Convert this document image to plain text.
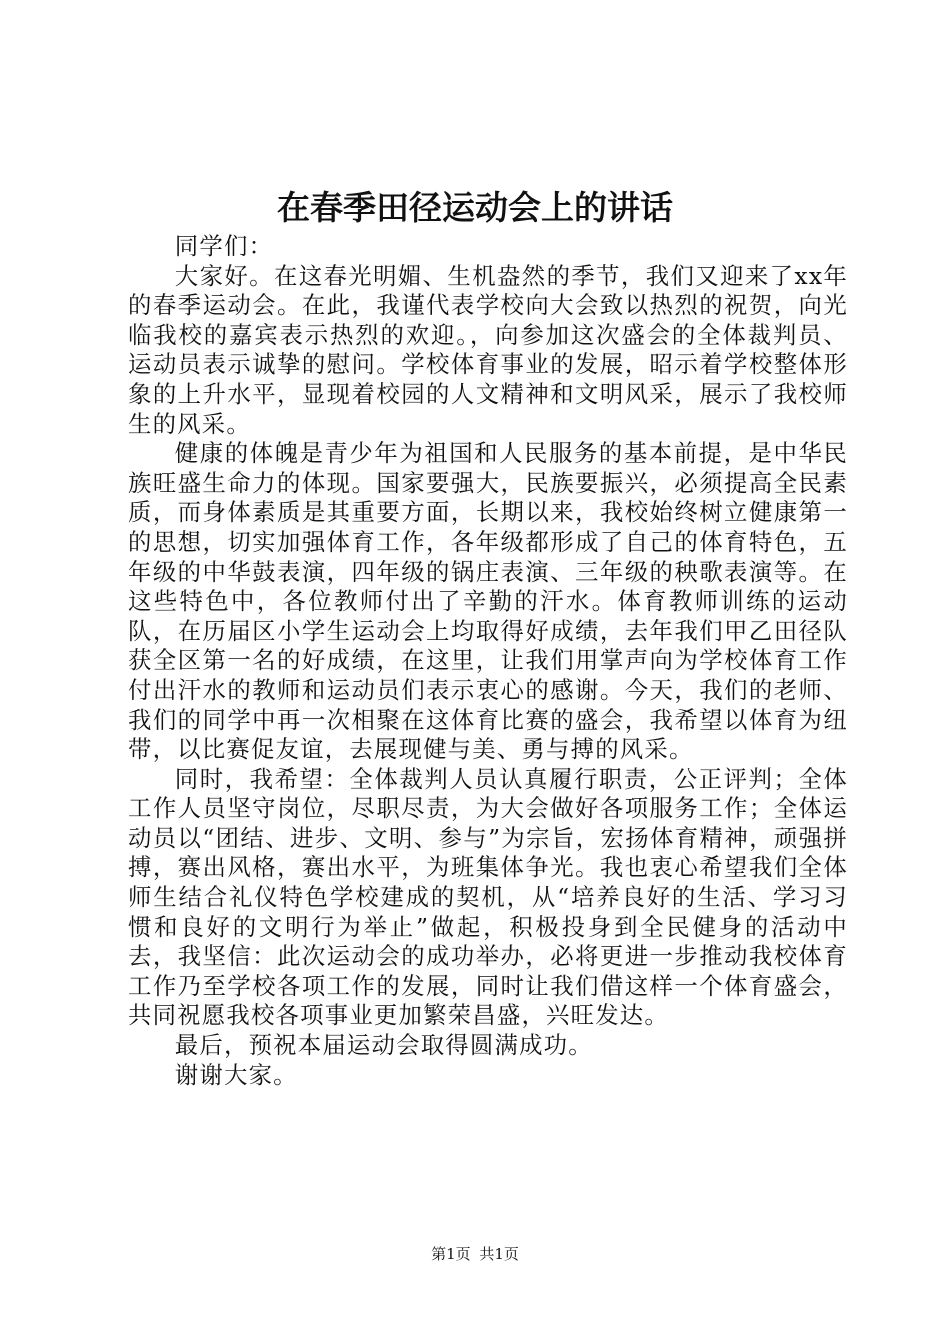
在春季田径运动会上的讲话

同学们：

大家好。在这春光明媚、生机盎然的季节，我们又迎来了xx年的春季运动会。在此，我谨代表学校向大会致以热烈的祝贺，向光临我校的嘉宾表示热烈的欢迎。，向参加这次盛会的全体裁判员、运动员表示诚挚的慰问。学校体育事业的发展，昭示着学校整体形象的上升水平，显现着校园的人文精神和文明风采，展示了我校师生的风采。

健康的体魄是青少年为祖国和人民服务的基本前提，是中华民族旺盛生命力的体现。国家要强大，民族要振兴，必须提高全民素质，而身体素质是其重要方面，长期以来，我校始终树立健康第一的思想，切实加强体育工作，各年级都形成了自己的体育特色，五年级的中华鼓表演，四年级的锅庄表演、三年级的秧歌表演等。在这些特色中，各位教师付出了辛勤的汗水。体育教师训练的运动队，在历届区小学生运动会上均取得好成绩，去年我们甲乙田径队获全区第一名的好成绩，在这里，让我们用掌声向为学校体育工作付出汗水的教师和运动员们表示衷心的感谢。今天，我们的老师、我们的同学中再一次相聚在这体育比赛的盛会，我希望以体育为纽带，以比赛促友谊，去展现健与美、勇与搏的风采。

同时，我希望：全体裁判人员认真履行职责，公正评判；全体工作人员坚守岗位，尽职尽责，为大会做好各项服务工作；全体运动员以“团结、进步、文明、参与”为宗旨，宏扬体育精神，顽强拼搏，赛出风格，赛出水平，为班集体争光。我也衷心希望我们全体师生结合礼仪特色学校建成的契机，从“培养良好的生活、学习习惯和良好的文明行为举止”做起，积极投身到全民健身的活动中去，我坚信：此次运动会的成功举办，必将更进一步推动我校体育工作乃至学校各项工作的发展，同时让我们借这样一个体育盛会，共同祝愿我校各项事业更加繁荣昌盛，兴旺发达。

最后，预祝本届运动会取得圆满成功。

谢谢大家。

第1页 共1页
